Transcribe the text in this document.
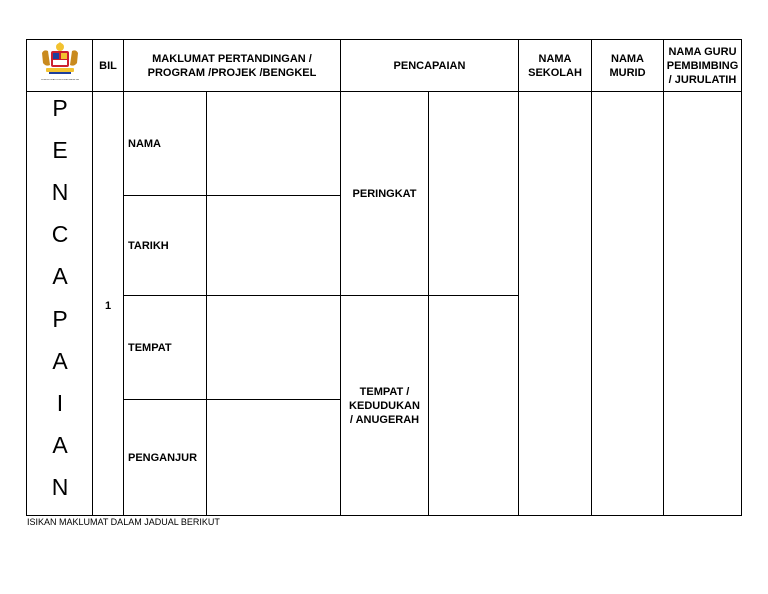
KEMENTERIAN PENDIDIKAN MALAYSIA
BIL
MAKLUMAT PERTANDINGAN /
PROGRAM /PROJEK /BENGKEL
PENCAPAIAN
NAMA
SEKOLAH
NAMA
MURID
NAMA GURU
PEMBIMBING
/ JURULATIH
P
E
N
C
A
P
A
I
A
N
1
NAMA
TARIKH
TEMPAT
PENGANJUR
PERINGKAT
TEMPAT /
KEDUDUKAN
/ ANUGERAH
ISIKAN MAKLUMAT DALAM JADUAL BERIKUT
